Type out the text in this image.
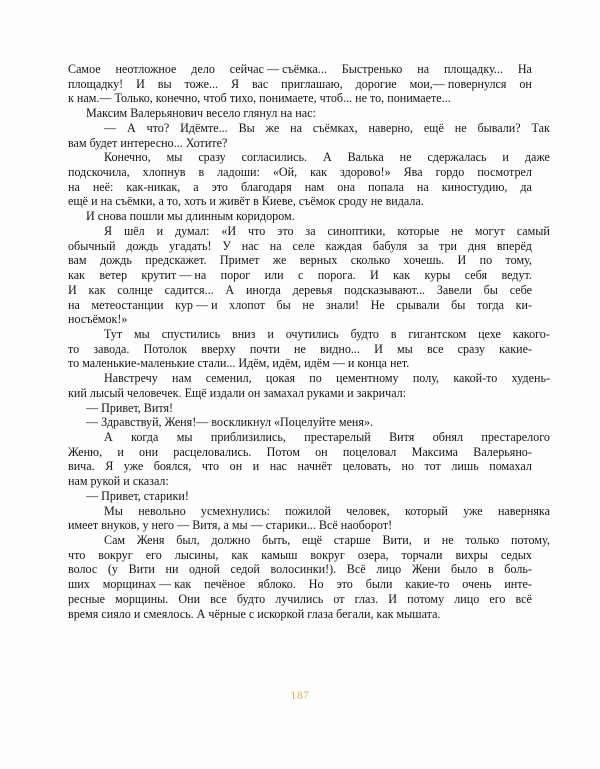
Самое неотложное дело сейчас — съёмка... Быстренько на площадку... На
площадку! И вы тоже... Я вас приглашаю, дорогие мои,— повернулся он
к нам.— Только, конечно, чтоб тихо, понимаете, чтоб... не то, понимаете...
Максим Валерьянович весело глянул на нас:
— А что? Идёмте... Вы же на съёмках, наверно, ещё не бывали? Так
вам будет интересно... Хотите?
Конечно, мы сразу согласились. А Валька не сдержалась и даже
подскочила, хлопнув в ладоши: «Ой, как здорово!» Ява гордо посмотрел
на неё: как-никак, а это благодаря нам она попала на киностудию, да
ещё и на съёмки, а то, хоть и живёт в Киеве, съёмок сроду не видала.
И снова пошли мы длинным коридором.
Я шёл и думал: «И что это за синоптики, которые не могут самый
обычный дождь угадать! У нас на селе каждая бабуля за три дня вперёд
вам дождь предскажет. Примет же верных сколько хочешь. И по тому,
как ветер крутит — на порог или с порога. И как куры себя ведут.
И как солнце садится... А иногда деревья подсказывают... Завели бы себе
на метеостанции кур — и хлопот бы не знали! Не срывали бы тогда ки-
носъёмок!»
Тут мы спустились вниз и очутились будто в гигантском цехе какого-
то завода. Потолок вверху почти не видно... И мы все сразу какие-
то маленькие-маленькие стали... Идём, идём, идём — и конца нет.
Навстречу нам семенил, цокая по цементному полу, какой-то худень-
кий лысый человечек. Ещё издали он замахал руками и закричал:
— Привет, Витя!
— Здравствуй, Женя!— воскликнул «Поцелуйте меня».
А когда мы приблизились, престарелый Витя обнял престарелого
Женю, и они расцеловались. Потом он поцеловал Максима Валерьяно-
вича. Я уже боялся, что он и нас начнёт целовать, но тот лишь помахал
нам рукой и сказал:
— Привет, старики!
Мы невольно усмехнулись: пожилой человек, который уже наверняка
имеет внуков, у него — Витя, а мы — старики... Всё наоборот!
Сам Женя был, должно быть, ещё старше Вити, и не только потому,
что вокруг его лысины, как камыш вокруг озера, торчали вихры седых
волос (у Вити ни одной седой волосинки!). Всё лицо Жени было в боль-
ших морщинах — как печёное яблоко. Но это были какие-то очень инте-
ресные морщины. Они все будто лучились от глаз. И потому лицо его всё
время сияло и смеялось. А чёрные с искоркой глаза бегали, как мышата.
187
